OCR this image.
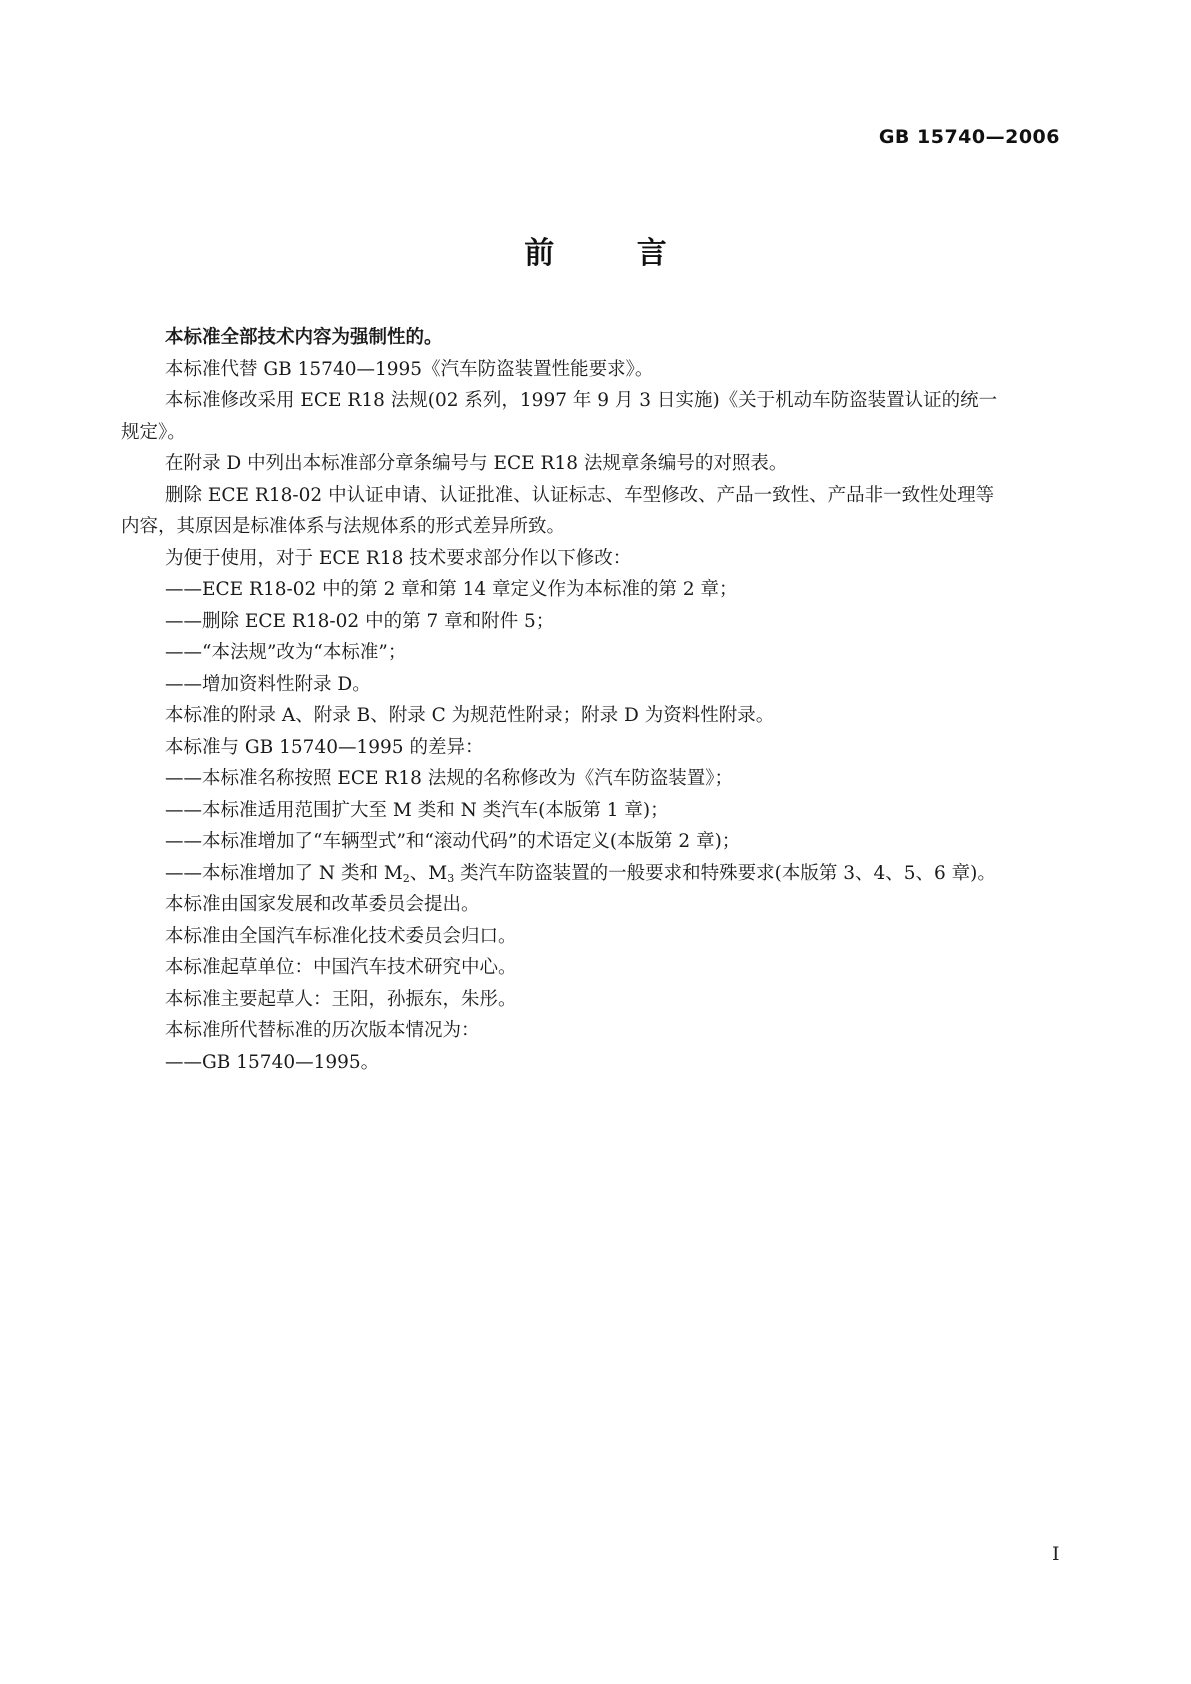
GB 15740—2006
前 言
本标准全部技术内容为强制性的。
本标准代替 GB 15740—1995《汽车防盗装置性能要求》。
本标准修改采用 ECE R18 法规(02 系列，1997 年 9 月 3 日实施)《关于机动车防盗装置认证的统一
规定》。
在附录 D 中列出本标准部分章条编号与 ECE R18 法规章条编号的对照表。
删除 ECE R18-02 中认证申请、认证批准、认证标志、车型修改、产品一致性、产品非一致性处理等
内容，其原因是标准体系与法规体系的形式差异所致。
为便于使用，对于 ECE R18 技术要求部分作以下修改：
——ECE R18-02 中的第 2 章和第 14 章定义作为本标准的第 2 章；
——删除 ECE R18-02 中的第 7 章和附件 5；
——“本法规”改为“本标准”；
——增加资料性附录 D。
本标准的附录 A、附录 B、附录 C 为规范性附录；附录 D 为资料性附录。
本标准与 GB 15740—1995 的差异：
——本标准名称按照 ECE R18 法规的名称修改为《汽车防盗装置》；
——本标准适用范围扩大至 M 类和 N 类汽车(本版第 1 章)；
——本标准增加了“车辆型式”和“滚动代码”的术语定义(本版第 2 章)；
——本标准增加了 N 类和 $M_2$、$M_3$ 类汽车防盗装置的一般要求和特殊要求(本版第 3、4、5、6 章)。
本标准由国家发展和改革委员会提出。
本标准由全国汽车标准化技术委员会归口。
本标准起草单位：中国汽车技术研究中心。
本标准主要起草人：王阳，孙振东，朱彤。
本标准所代替标准的历次版本情况为：
——GB 15740—1995。
I
